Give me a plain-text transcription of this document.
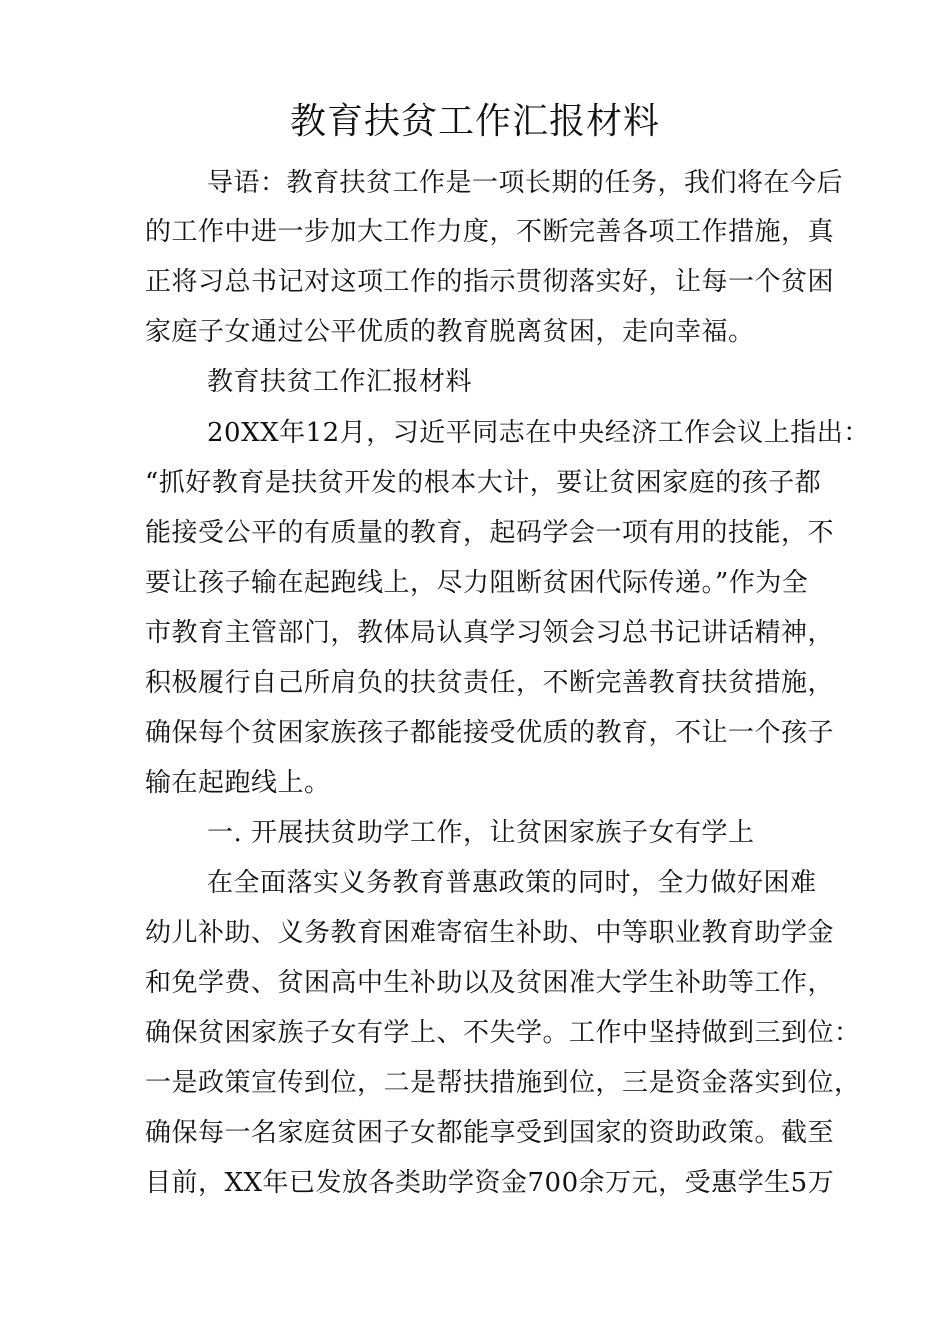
教育扶贫工作汇报材料
导语：教育扶贫工作是一项长期的任务，我们将在今后
的工作中进一步加大工作力度，不断完善各项工作措施，真
正将习总书记对这项工作的指示贯彻落实好，让每一个贫困
家庭子女通过公平优质的教育脱离贫困，走向幸福。
教育扶贫工作汇报材料
20XX年12月，习近平同志在中央经济工作会议上指出：
“抓好教育是扶贫开发的根本大计，要让贫困家庭的孩子都
能接受公平的有质量的教育，起码学会一项有用的技能，不
要让孩子输在起跑线上，尽力阻断贫困代际传递。”作为全
市教育主管部门，教体局认真学习领会习总书记讲话精神，
积极履行自己所肩负的扶贫责任，不断完善教育扶贫措施，
确保每个贫困家族孩子都能接受优质的教育，不让一个孩子
输在起跑线上。
一. 开展扶贫助学工作，让贫困家族子女有学上
在全面落实义务教育普惠政策的同时，全力做好困难
幼儿补助、义务教育困难寄宿生补助、中等职业教育助学金
和免学费、贫困高中生补助以及贫困准大学生补助等工作，
确保贫困家族子女有学上、不失学。工作中坚持做到三到位：
一是政策宣传到位，二是帮扶措施到位，三是资金落实到位，
确保每一名家庭贫困子女都能享受到国家的资助政策。截至
目前，XX年已发放各类助学资金700余万元，受惠学生5万
